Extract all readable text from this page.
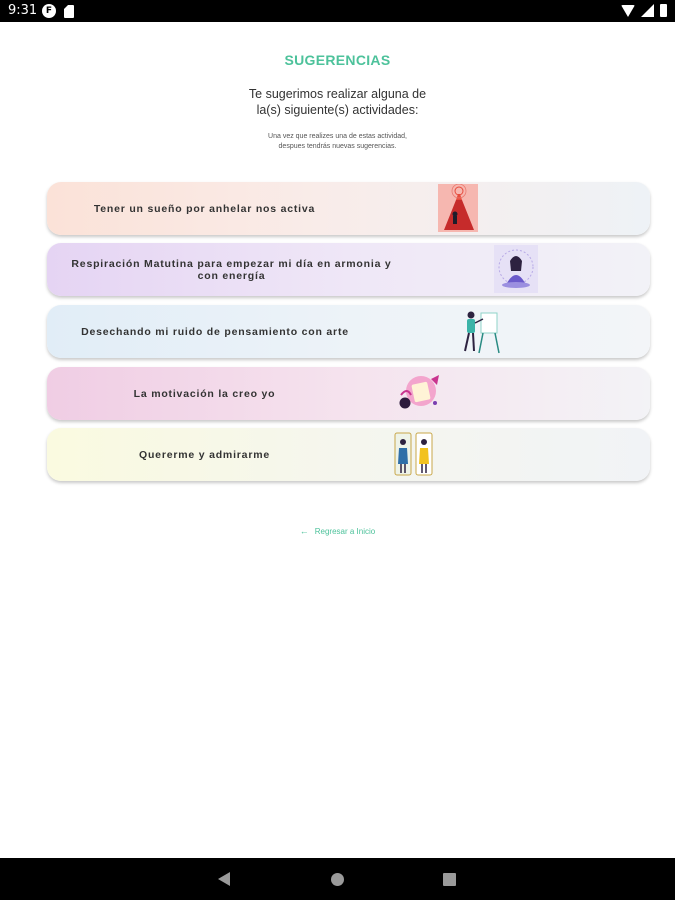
9:31 F
SUGERENCIAS
Te sugerimos realizar alguna de
la(s) siguiente(s) actividades:
Una vez que realizes una de estas actividad,
despues tendrás nuevas sugerencias.
Tener un sueño por anhelar nos activa
Respiración Matutina para empezar mi día en armonia y
con energía
Desechando mi ruido de pensamiento con arte
La motivación la creo yo
Quererme y admirarme
← Regresar a Inicio
